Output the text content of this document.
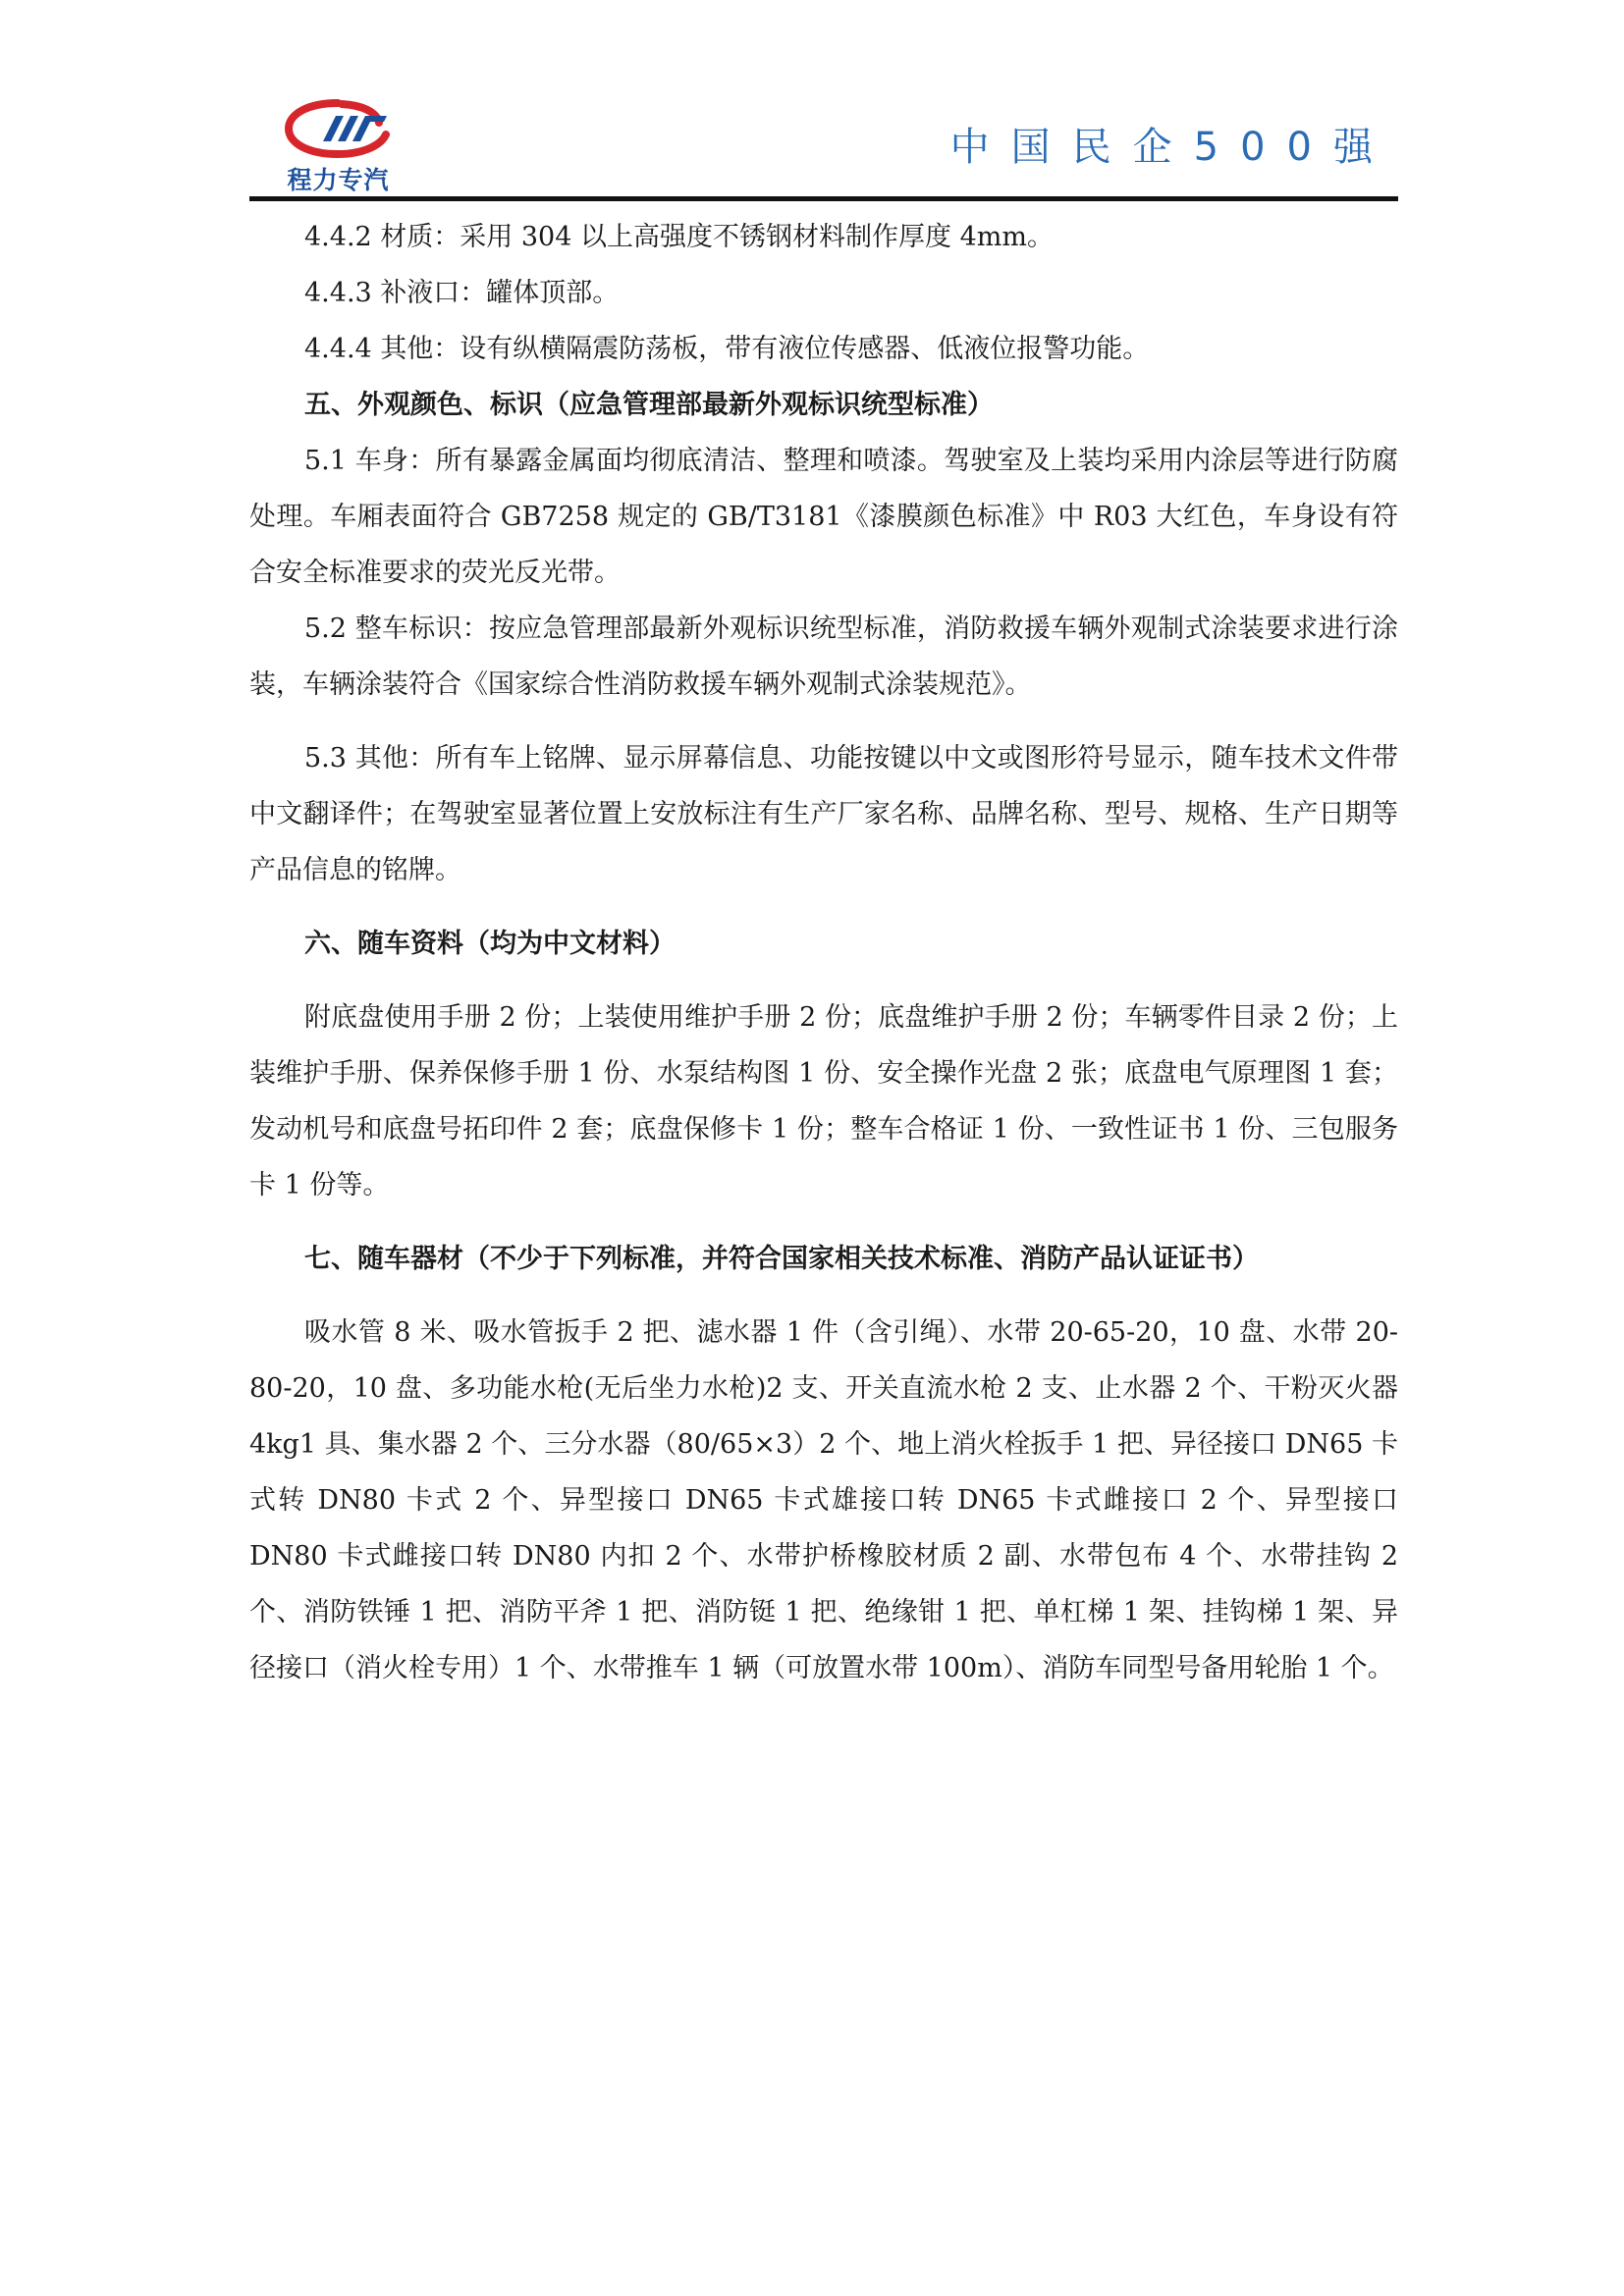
程力专汽
中国民企500强

4.4.2 材质：采用 304 以上高强度不锈钢材料制作厚度 4mm。

4.4.3 补液口：罐体顶部。

4.4.4 其他：设有纵横隔震防荡板，带有液位传感器、低液位报警功能。

五、外观颜色、标识（应急管理部最新外观标识统型标准）

5.1 车身：所有暴露金属面均彻底清洁、整理和喷漆。驾驶室及上装均采用内涂层等进行防腐处理。车厢表面符合 GB7258 规定的 GB/T3181《漆膜颜色标准》中 R03 大红色，车身设有符合安全标准要求的荧光反光带。

5.2 整车标识：按应急管理部最新外观标识统型标准，消防救援车辆外观制式涂装要求进行涂装，车辆涂装符合《国家综合性消防救援车辆外观制式涂装规范》。

5.3 其他：所有车上铭牌、显示屏幕信息、功能按键以中文或图形符号显示，随车技术文件带中文翻译件；在驾驶室显著位置上安放标注有生产厂家名称、品牌名称、型号、规格、生产日期等产品信息的铭牌。

六、随车资料（均为中文材料）

附底盘使用手册 2 份；上装使用维护手册 2 份；底盘维护手册 2 份；车辆零件目录 2 份；上装维护手册、保养保修手册 1 份、水泵结构图 1 份、安全操作光盘 2 张；底盘电气原理图 1 套；发动机号和底盘号拓印件 2 套；底盘保修卡 1 份；整车合格证 1 份、一致性证书 1 份、三包服务卡 1 份等。

七、随车器材（不少于下列标准，并符合国家相关技术标准、消防产品认证证书）

吸水管 8 米、吸水管扳手 2 把、滤水器 1 件（含引绳）、水带 20-65-20，10 盘、水带 20-80-20，10 盘、多功能水枪(无后坐力水枪)2 支、开关直流水枪 2 支、止水器 2 个、干粉灭火器 4kg1 具、集水器 2 个、三分水器（80/65×3）2 个、地上消火栓扳手 1 把、异径接口 DN65 卡式转 DN80 卡式 2 个、异型接口 DN65 卡式雄接口转 DN65 卡式雌接口 2 个、异型接口 DN80 卡式雌接口转 DN80 内扣 2 个、水带护桥橡胶材质 2 副、水带包布 4 个、水带挂钩 2 个、消防铁锤 1 把、消防平斧 1 把、消防铤 1 把、绝缘钳 1 把、单杠梯 1 架、挂钩梯 1 架、异径接口（消火栓专用）1 个、水带推车 1 辆（可放置水带 100m）、消防车同型号备用轮胎 1 个。
